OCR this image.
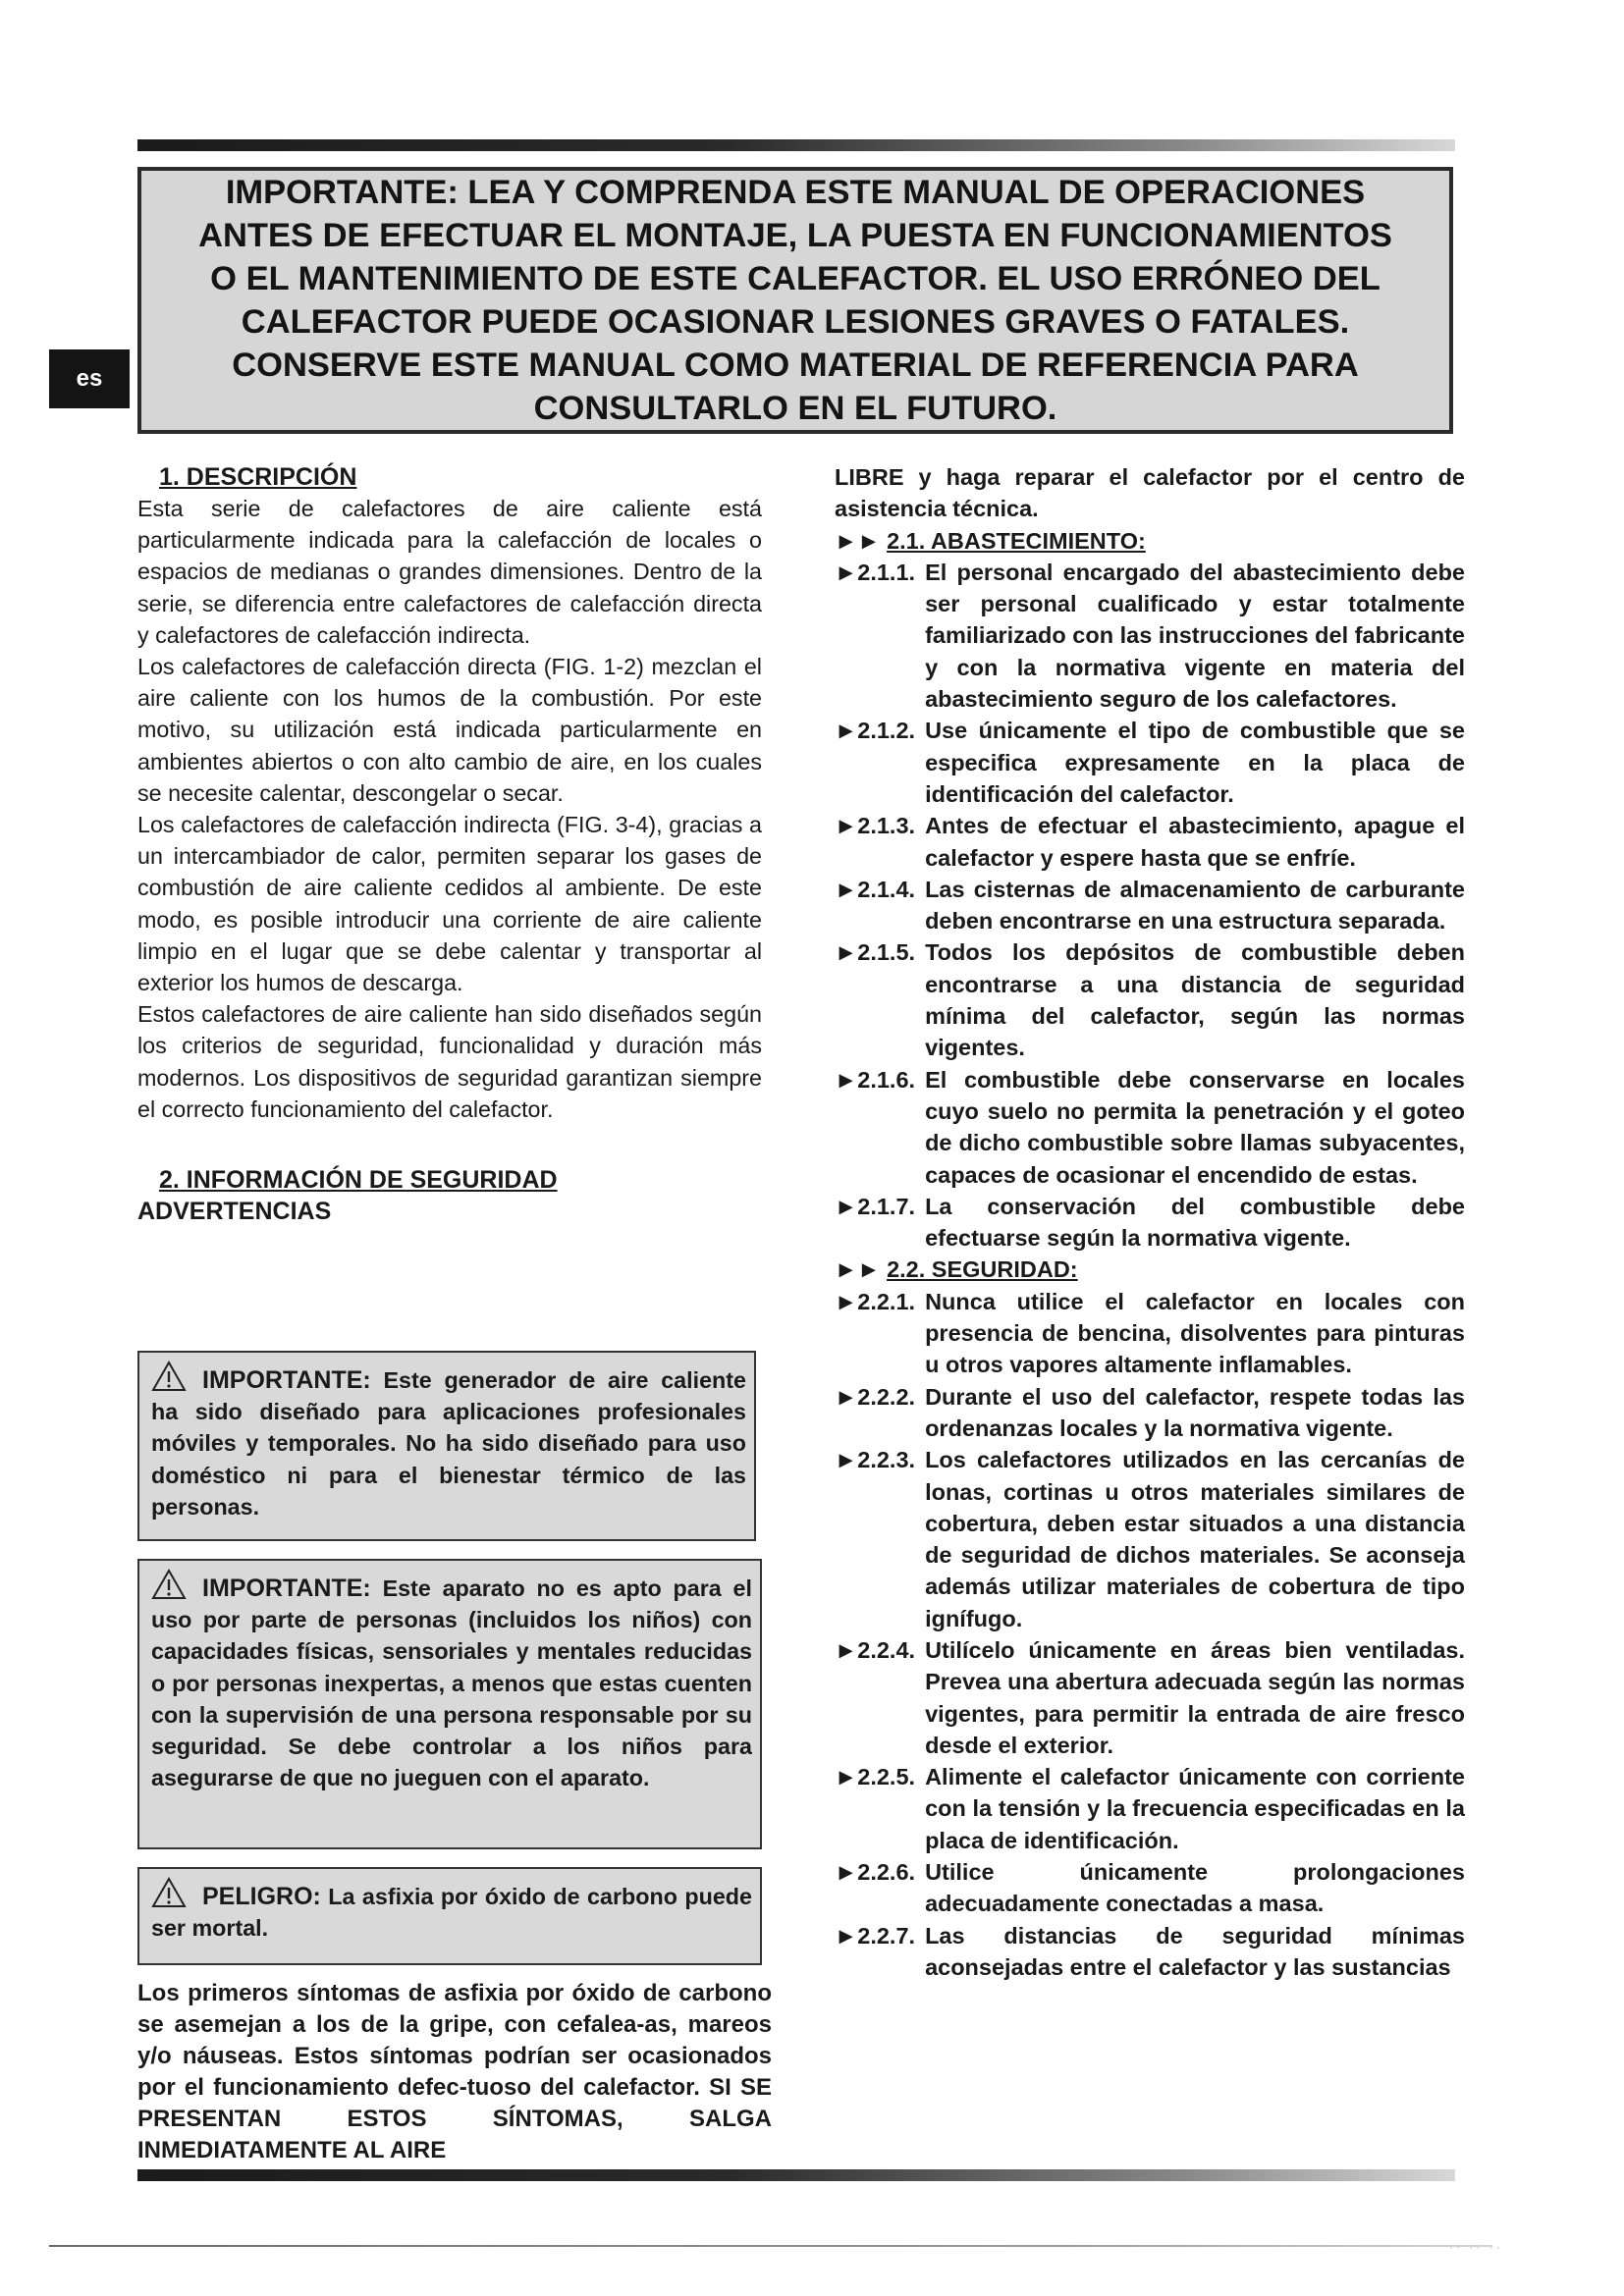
·· ·· ··
es
IMPORTANTE: LEA Y COMPRENDA ESTE MANUAL DE OPERACIONES
ANTES DE EFECTUAR EL MONTAJE, LA PUESTA EN FUNCIONAMIENTOS
O EL MANTENIMIENTO DE ESTE CALEFACTOR. EL USO ERRÓNEO DEL
CALEFACTOR PUEDE OCASIONAR LESIONES GRAVES O FATALES.
CONSERVE ESTE MANUAL COMO MATERIAL DE REFERENCIA PARA
CONSULTARLO EN EL FUTURO.
1. DESCRIPCIÓN
Esta serie de calefactores de aire caliente está particularmente indicada para la calefacción de locales o espacios de medianas o grandes dimensiones. Dentro de la serie, se diferencia entre calefactores de calefacción directa y calefactores de calefacción indirecta.
Los calefactores de calefacción directa (FIG. 1-2) mezclan el aire caliente con los humos de la combustión. Por este motivo, su utilización está indicada particularmente en ambientes abiertos o con alto cambio de aire, en los cuales se necesite calentar, descongelar o secar.
Los calefactores de calefacción indirecta (FIG. 3-4), gracias a un intercambiador de calor, permiten separar los gases de combustión de aire caliente cedidos al ambiente. De este modo, es posible introducir una corriente de aire caliente limpio en el lugar que se debe calentar y transportar al exterior los humos de descarga.
Estos calefactores de aire caliente han sido diseñados según los criterios de seguridad, funcionalidad y duración más modernos. Los dispositivos de seguridad garantizan siempre el correcto funcionamiento del calefactor.
2. INFORMACIÓN DE SEGURIDAD
ADVERTENCIAS
IMPORTANTE: Este generador de aire caliente ha sido diseñado para aplicaciones profesionales móviles y temporales. No ha sido diseñado para uso doméstico ni para el bienestar térmico de las personas.
IMPORTANTE: Este aparato no es apto para el uso por parte de personas (incluidos los niños) con capacidades físicas, sensoriales y mentales reducidas o por personas inexpertas, a menos que estas cuenten con la supervisión de una persona responsable por su seguridad. Se debe controlar a los niños para asegurarse de que no jueguen con el aparato.
PELIGRO: La asfixia por óxido de carbono puede ser mortal.
Los primeros síntomas de asfixia por óxido de carbono se asemejan a los de la gripe, con cefalea-as, mareos y/o náuseas. Estos síntomas podrían ser ocasionados por el funcionamiento defec-tuoso del calefactor. SI SE PRESENTAN ESTOS SÍNTOMAS, SALGA INMEDIATAMENTE AL AIRE
LIBRE y haga reparar el calefactor por el centro de asistencia técnica.
►► 2.1. ABASTECIMIENTO:
►2.1.1. El personal encargado del abastecimiento debe ser personal cualificado y estar totalmente familiarizado con las instrucciones del fabricante y con la normativa vigente en materia del abastecimiento seguro de los calefactores.
►2.1.2. Use únicamente el tipo de combustible que se especifica expresamente en la placa de identificación del calefactor.
►2.1.3. Antes de efectuar el abastecimiento, apague el calefactor y espere hasta que se enfríe.
►2.1.4. Las cisternas de almacenamiento de carburante deben encontrarse en una estructura separada.
►2.1.5. Todos los depósitos de combustible deben encontrarse a una distancia de seguridad mínima del calefactor, según las normas vigentes.
►2.1.6. El combustible debe conservarse en locales cuyo suelo no permita la penetración y el goteo de dicho combustible sobre llamas subyacentes, capaces de ocasionar el encendido de estas.
►2.1.7. La conservación del combustible debe efectuarse según la normativa vigente.
►► 2.2. SEGURIDAD:
►2.2.1. Nunca utilice el calefactor en locales con presencia de bencina, disolventes para pinturas u otros vapores altamente inflamables.
►2.2.2. Durante el uso del calefactor, respete todas las ordenanzas locales y la normativa vigente.
►2.2.3. Los calefactores utilizados en las cercanías de lonas, cortinas u otros materiales similares de cobertura, deben estar situados a una distancia de seguridad de dichos materiales. Se aconseja además utilizar materiales de cobertura de tipo ignífugo.
►2.2.4. Utilícelo únicamente en áreas bien ventiladas. Prevea una abertura adecuada según las normas vigentes, para permitir la entrada de aire fresco desde el exterior.
►2.2.5. Alimente el calefactor únicamente con corriente con la tensión y la frecuencia especificadas en la placa de identificación.
►2.2.6. Utilice únicamente prolongaciones adecuadamente conectadas a masa.
►2.2.7. Las distancias de seguridad mínimas aconsejadas entre el calefactor y las sustancias
